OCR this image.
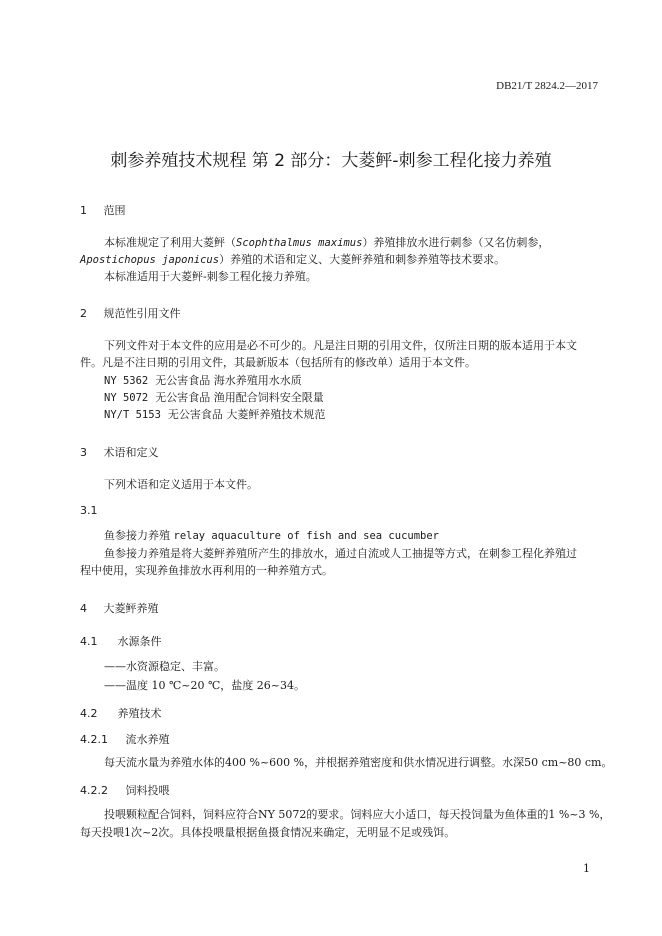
DB21/T 2824.2—2017
刺参养殖技术规程 第 2 部分：大菱鲆-刺参工程化接力养殖
1 范围
本标准规定了利用大菱鲆（Scophthalmus maximus）养殖排放水进行刺参（又名仿刺参，
Apostichopus japonicus）养殖的术语和定义、大菱鲆养殖和刺参养殖等技术要求。
本标准适用于大菱鲆-刺参工程化接力养殖。
2 规范性引用文件
下列文件对于本文件的应用是必不可少的。凡是注日期的引用文件，仅所注日期的版本适用于本文
件。凡是不注日期的引用文件，其最新版本（包括所有的修改单）适用于本文件。
NY 5362 无公害食品 海水养殖用水水质
NY 5072 无公害食品 渔用配合饲料安全限量
NY/T 5153 无公害食品 大菱鲆养殖技术规范
3 术语和定义
下列术语和定义适用于本文件。
3.1
鱼参接力养殖 relay aquaculture of fish and sea cucumber
鱼参接力养殖是将大菱鲆养殖所产生的排放水，通过自流或人工抽提等方式，在刺参工程化养殖过
程中使用，实现养鱼排放水再利用的一种养殖方式。
4 大菱鲆养殖
4.1 水源条件
——水资源稳定、丰富。
——温度 10 ℃~20 ℃，盐度 26~34。
4.2 养殖技术
4.2.1 流水养殖
每天流水量为养殖水体的400 %~600 %，并根据养殖密度和供水情况进行调整。水深50 cm~80 cm。
4.2.2 饲料投喂
投喂颗粒配合饲料，饲料应符合NY 5072的要求。饲料应大小适口，每天投饲量为鱼体重的1 %~3 %，
每天投喂1次~2次。具体投喂量根据鱼摄食情况来确定，无明显不足或残饵。
1
